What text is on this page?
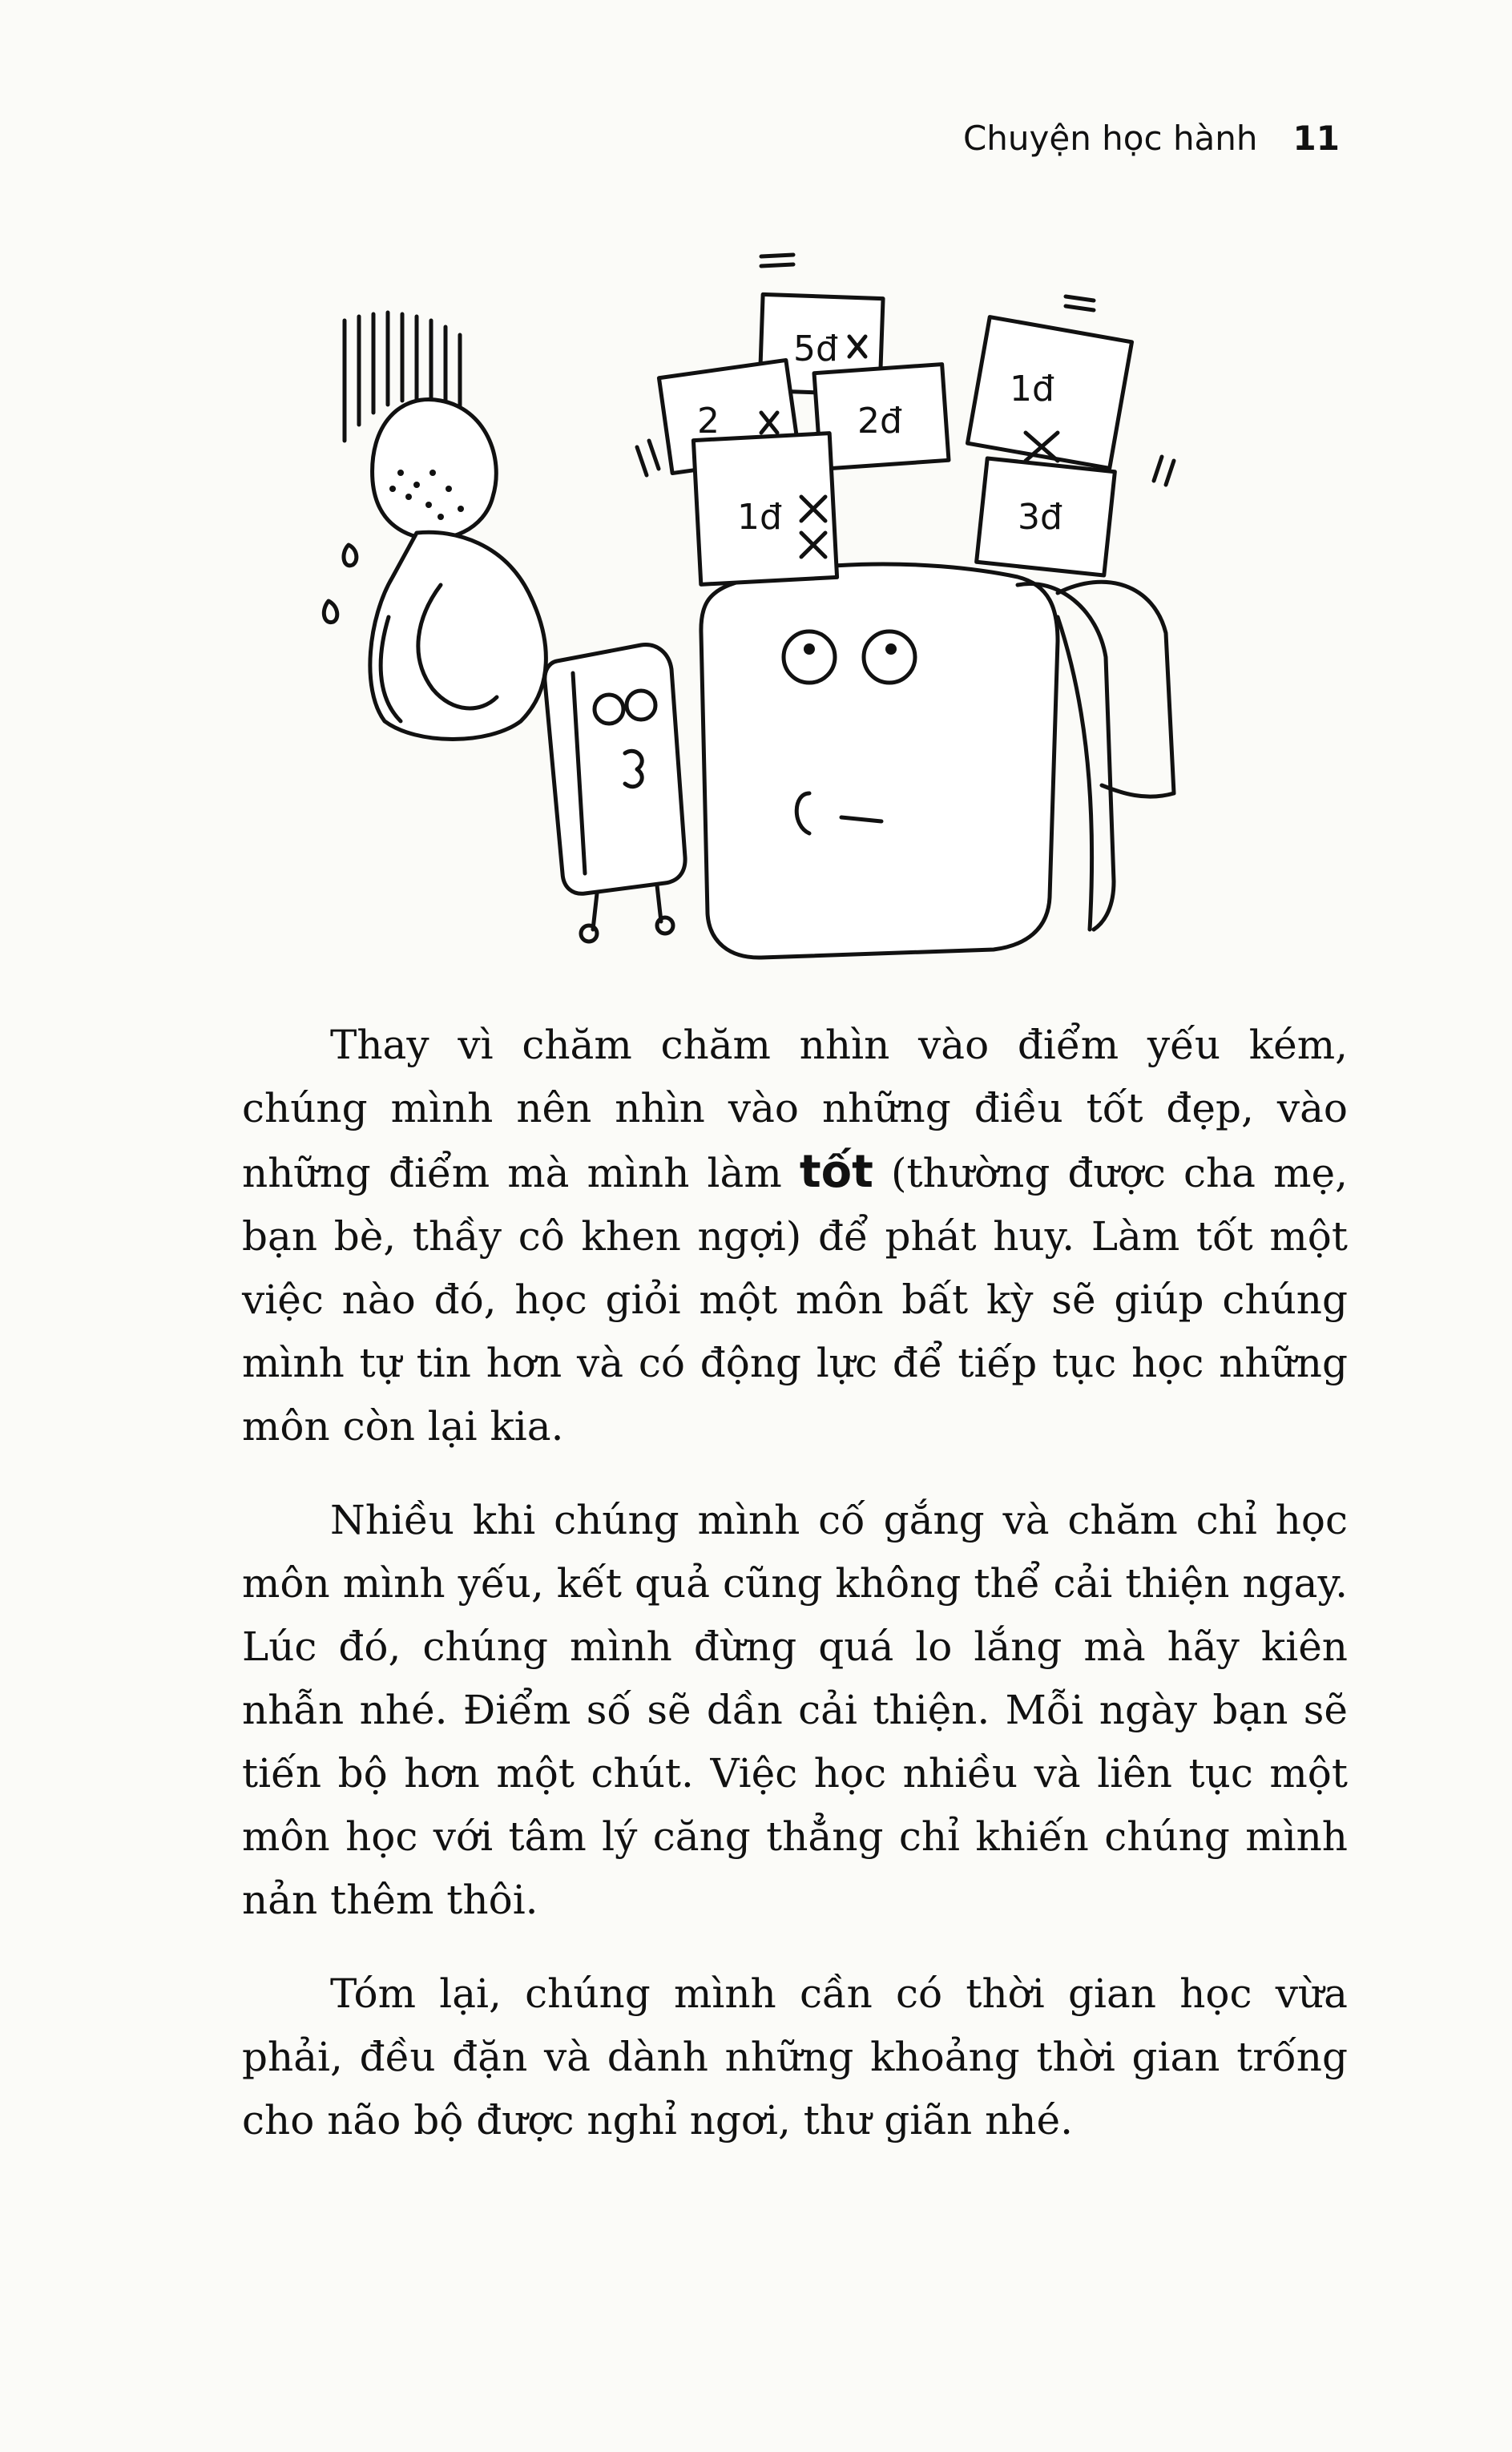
Chuyện học hành 11
5đ
2	2đ
1đ
1đ	3đ

Thay vì chăm chăm nhìn vào điểm yếu kém, chúng mình nên nhìn vào những điều tốt đẹp, vào những điểm mà mình làm tốt (thường được cha mẹ, bạn bè, thầy cô khen ngợi) để phát huy. Làm tốt một việc nào đó, học giỏi một môn bất kỳ sẽ giúp chúng mình tự tin hơn và có động lực để tiếp tục học những môn còn lại kia.

Nhiều khi chúng mình cố gắng và chăm chỉ học môn mình yếu, kết quả cũng không thể cải thiện ngay. Lúc đó, chúng mình đừng quá lo lắng mà hãy kiên nhẫn nhé. Điểm số sẽ dần cải thiện. Mỗi ngày bạn sẽ tiến bộ hơn một chút. Việc học nhiều và liên tục một môn học với tâm lý căng thẳng chỉ khiến chúng mình nản thêm thôi.

Tóm lại, chúng mình cần có thời gian học vừa phải, đều đặn và dành những khoảng thời gian trống cho não bộ được nghỉ ngơi, thư giãn nhé.
